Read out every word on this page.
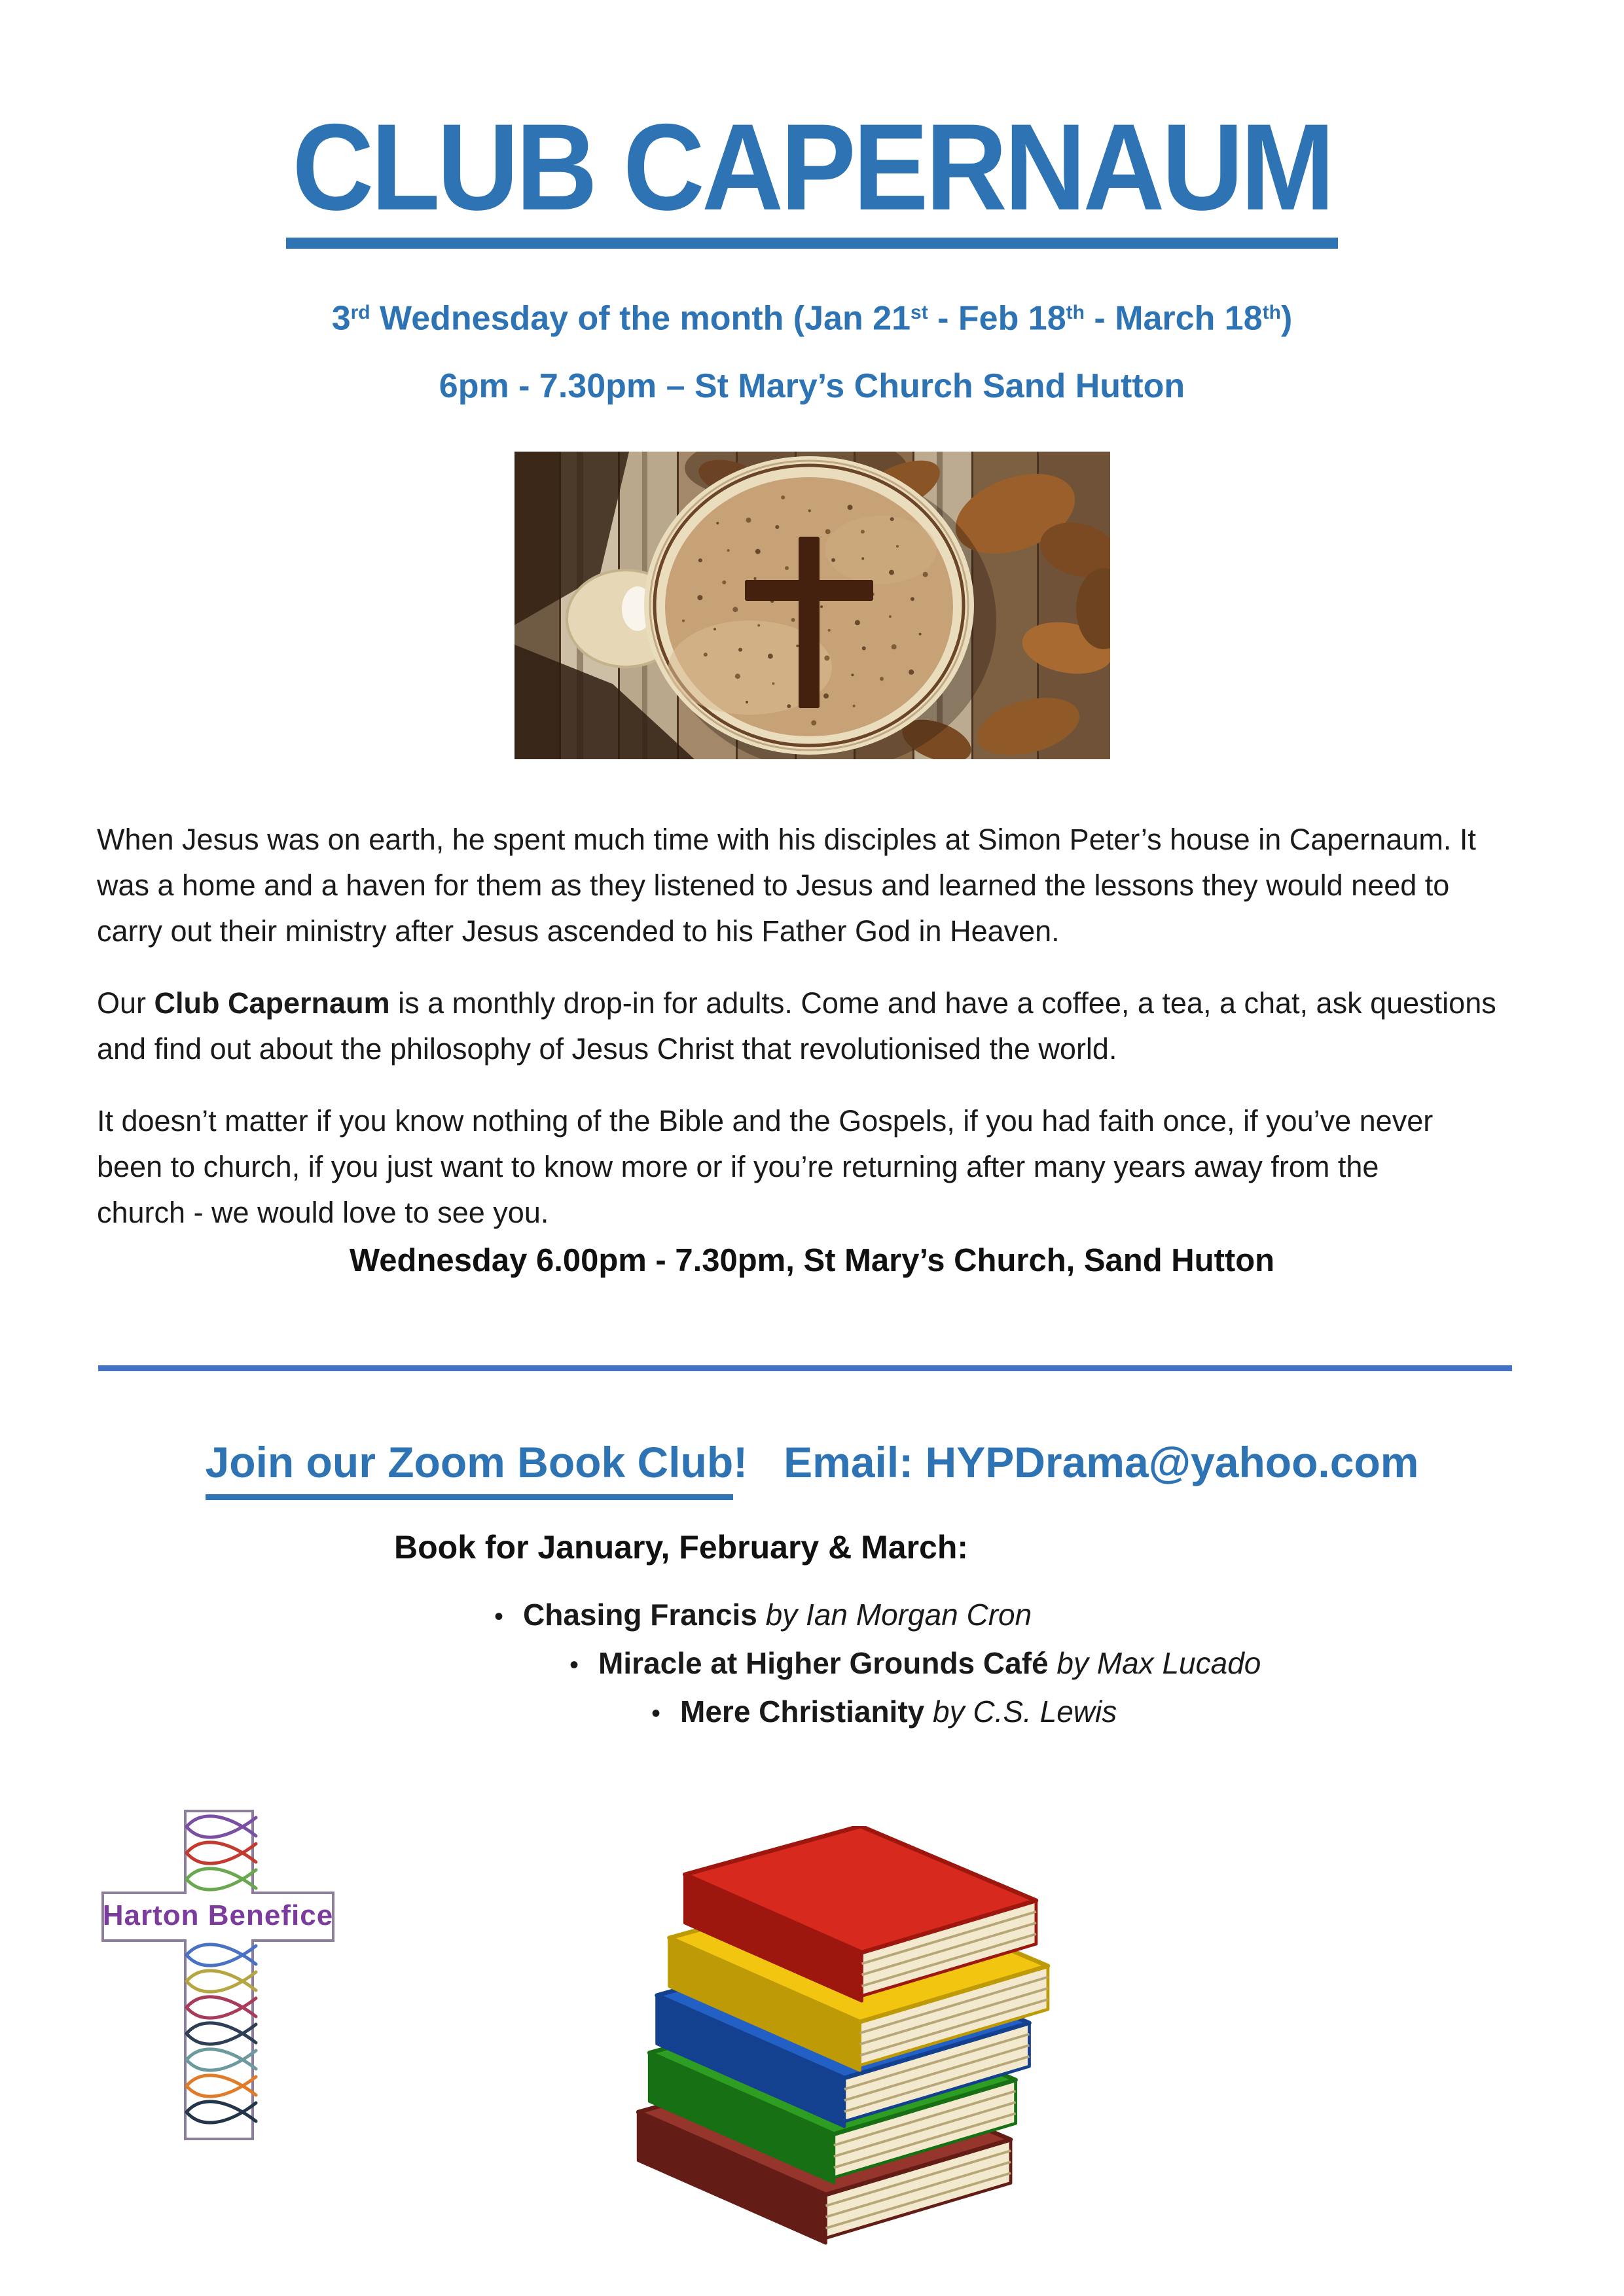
CLUB CAPERNAUM
3rd Wednesday of the month (Jan 21st - Feb 18th - March 18th)
6pm - 7.30pm – St Mary’s Church Sand Hutton
When Jesus was on earth, he spent much time with his disciples at Simon Peter’s house in Capernaum. It
was a home and a haven for them as they listened to Jesus and learned the lessons they would need to
carry out their ministry after Jesus ascended to his Father God in Heaven.
Our Club Capernaum is a monthly drop-in for adults. Come and have a coffee, a tea, a chat, ask questions
and find out about the philosophy of Jesus Christ that revolutionised the world.
It doesn’t matter if you know nothing of the Bible and the Gospels, if you had faith once, if you’ve never
been to church, if you just want to know more or if you’re returning after many years away from the
church - we would love to see you.
Wednesday 6.00pm - 7.30pm, St Mary’s Church, Sand Hutton
Join our Zoom Book Club! Email: HYPDrama@yahoo.com
Book for January, February & March:
• Chasing Francis by Ian Morgan Cron
• Miracle at Higher Grounds Café by Max Lucado
• Mere Christianity by C.S. Lewis
Harton Benefice
